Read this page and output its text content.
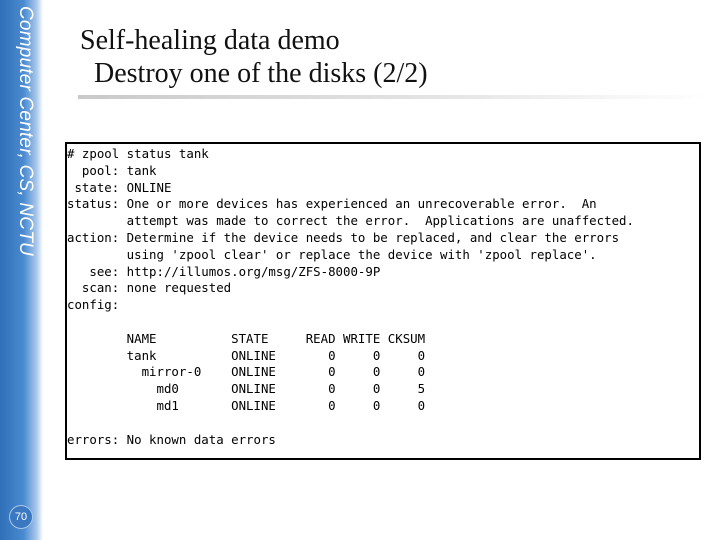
Computer Center, CS, NCTU
70
Self-healing data demo
Destroy one of the disks (2/2)
# zpool status tank
pool: tank
state: ONLINE
status: One or more devices has experienced an unrecoverable error.  An
attempt was made to correct the error.  Applications are unaffected.
action: Determine if the device needs to be replaced, and clear the errors
using 'zpool clear' or replace the device with 'zpool replace'.
see: http://illumos.org/msg/ZFS-8000-9P
scan: none requested
config:

NAME          STATE     READ WRITE CKSUM
tank          ONLINE       0     0     0
mirror-0    ONLINE       0     0     0
md0       ONLINE       0     0     5
md1       ONLINE       0     0     0

errors: No known data errors
